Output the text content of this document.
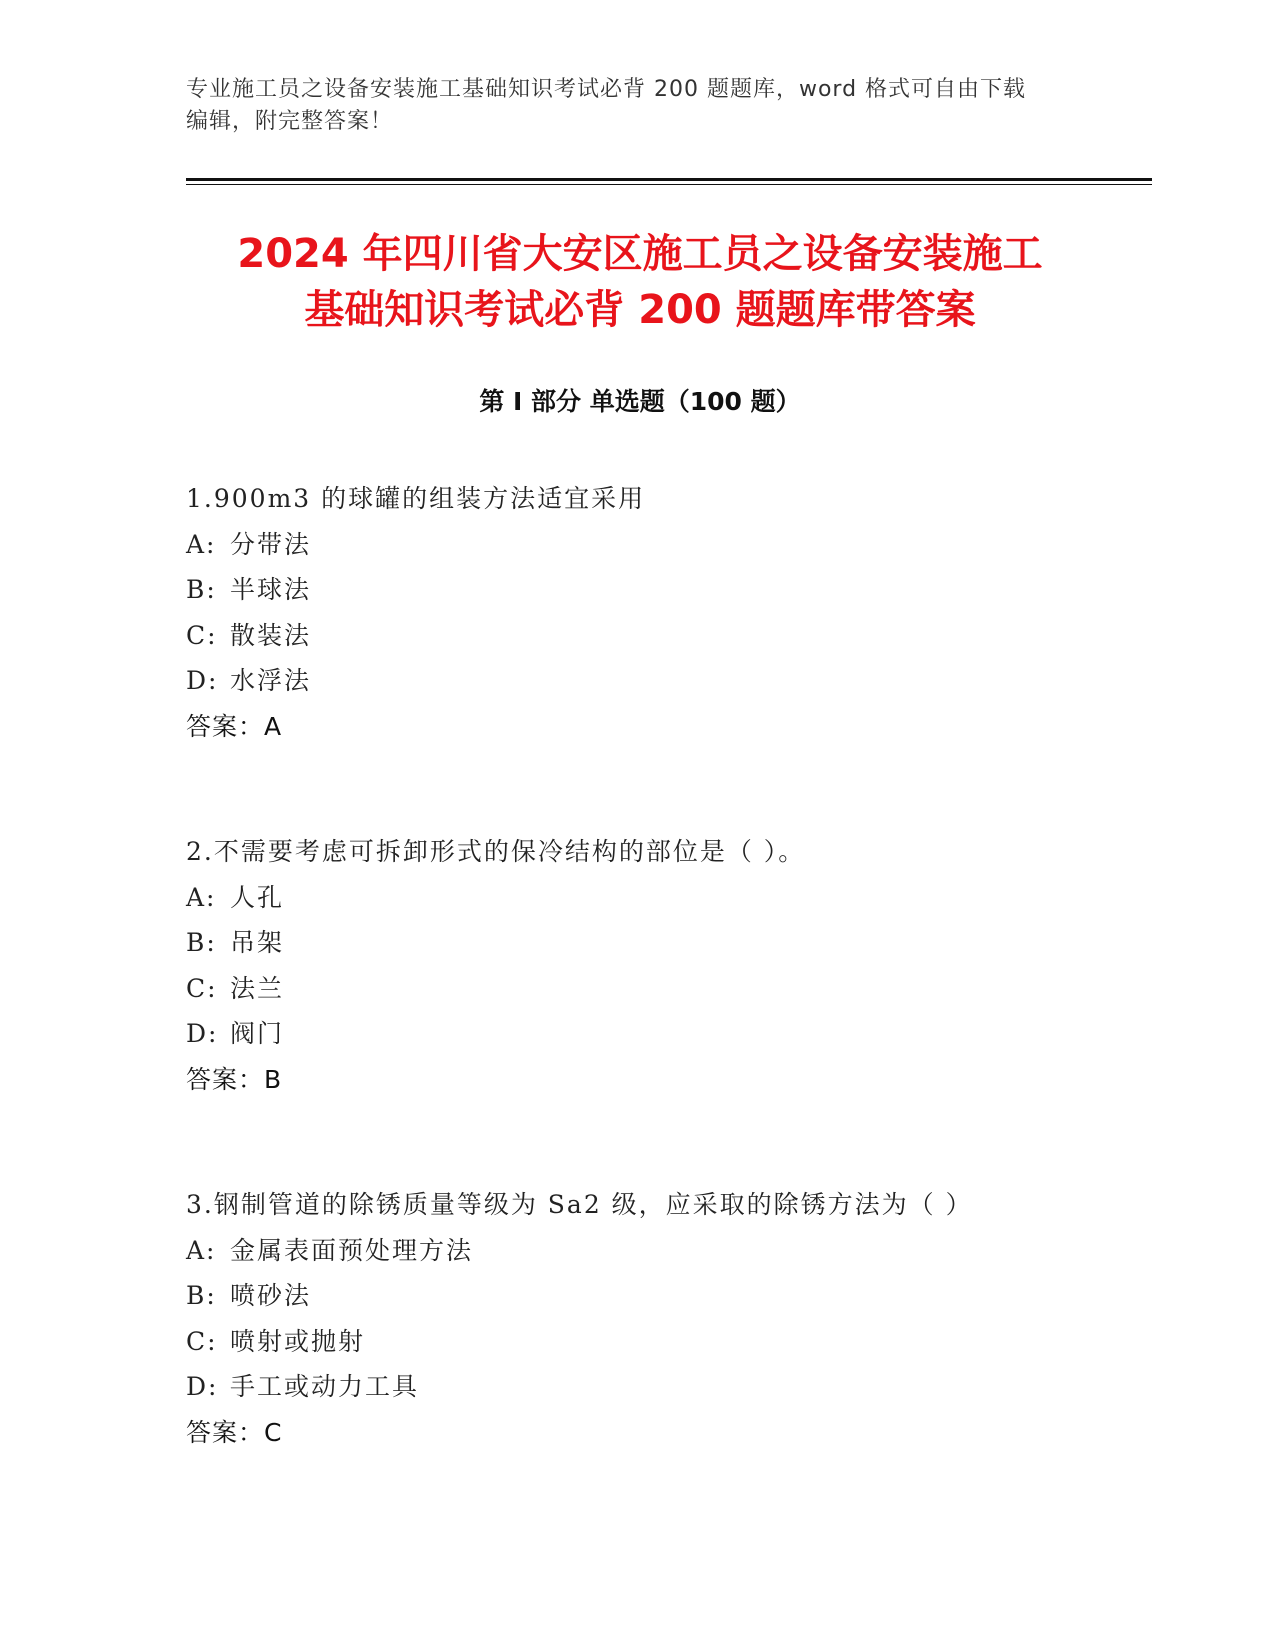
专业施工员之设备安装施工基础知识考试必背 200 题题库，word 格式可自由下载
编辑，附完整答案！
2024 年四川省大安区施工员之设备安装施工
基础知识考试必背 200 题题库带答案
第 I 部分 单选题（100 题）
1.900m3 的球罐的组装方法适宜采用
A: 分带法
B: 半球法
C: 散装法
D: 水浮法
答案：A
2.不需要考虑可拆卸形式的保冷结构的部位是（ ）。
A: 人孔
B: 吊架
C: 法兰
D: 阀门
答案：B
3.钢制管道的除锈质量等级为 Sa2 级，应采取的除锈方法为（ ）
A: 金属表面预处理方法
B: 喷砂法
C: 喷射或抛射
D: 手工或动力工具
答案：C
